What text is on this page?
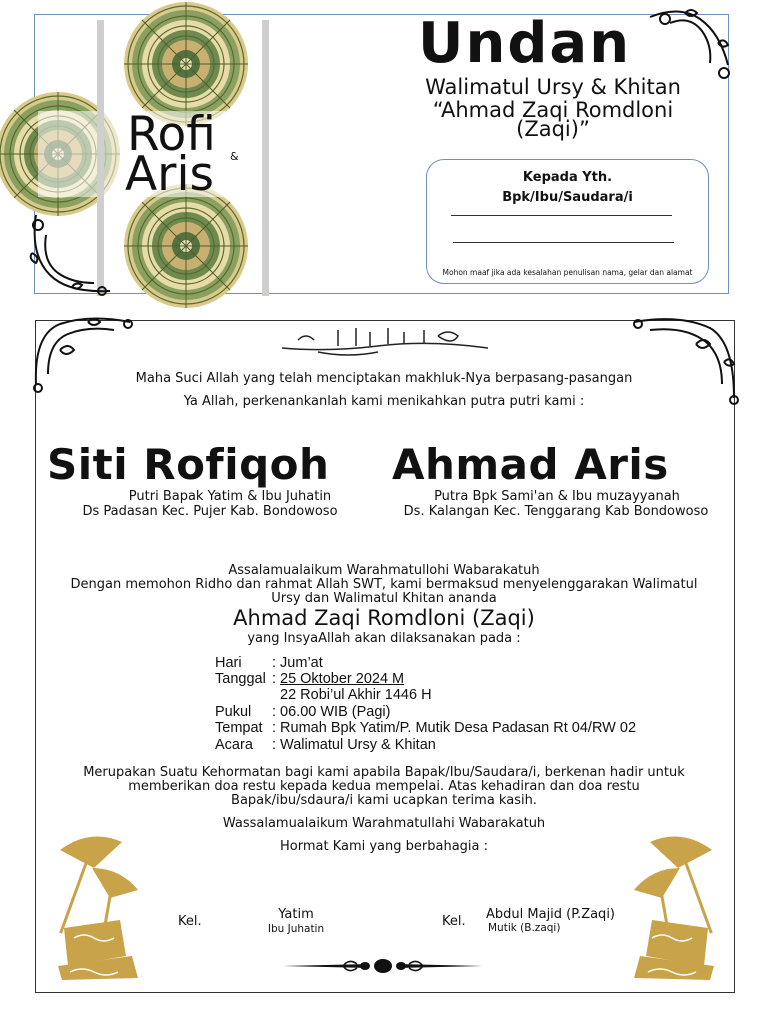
Rofi
Aris &
Undan
Walimatul Ursy & Khitan
“Ahmad Zaqi Romdloni
(Zaqi)”
Kepada Yth.
Bpk/Ibu/Saudara/i
Mohon maaf jika ada kesalahan penulisan nama, gelar dan alamat
Maha Suci Allah yang telah menciptakan makhluk-Nya berpasang-pasangan
Ya Allah, perkenankanlah kami menikahkan putra putri kami :
Siti Rofiqoh Ahmad Aris
Putri Bapak Yatim & Ibu Juhatin
Ds Padasan Kec. Pujer Kab. Bondowoso
Putra Bpk Sami'an & Ibu muzayyanah
Ds. Kalangan Kec. Tenggarang Kab Bondowoso
Assalamualaikum Warahmatullohi Wabarakatuh
Dengan memohon Ridho dan rahmat Allah SWT, kami bermaksud menyelenggarakan Walimatul
Ursy dan Walimatul Khitan ananda
Ahmad Zaqi Romdloni (Zaqi)
yang InsyaAllah akan dilaksanakan pada :
Hari : Jum’at
Tanggal : 25 Oktober 2024 M
22 Robi’ul Akhir 1446 H
Pukul : 06.00 WIB (Pagi)
Tempat : Rumah Bpk Yatim/P. Mutik Desa Padasan Rt 04/RW 02
Acara : Walimatul Ursy & Khitan
Merupakan Suatu Kehormatan bagi kami apabila Bapak/Ibu/Saudara/i, berkenan hadir untuk
memberikan doa restu kepada kedua mempelai. Atas kehadiran dan doa restu
Bapak/ibu/sdaura/i kami ucapkan terima kasih.
Wassalamualaikum Warahmatullahi Wabarakatuh
Hormat Kami yang berbahagia :
Kel.	Yatim
Ibu Juhatin	Kel. Abdul Majid (P.Zaqi)
Mutik (B.zaqi)
